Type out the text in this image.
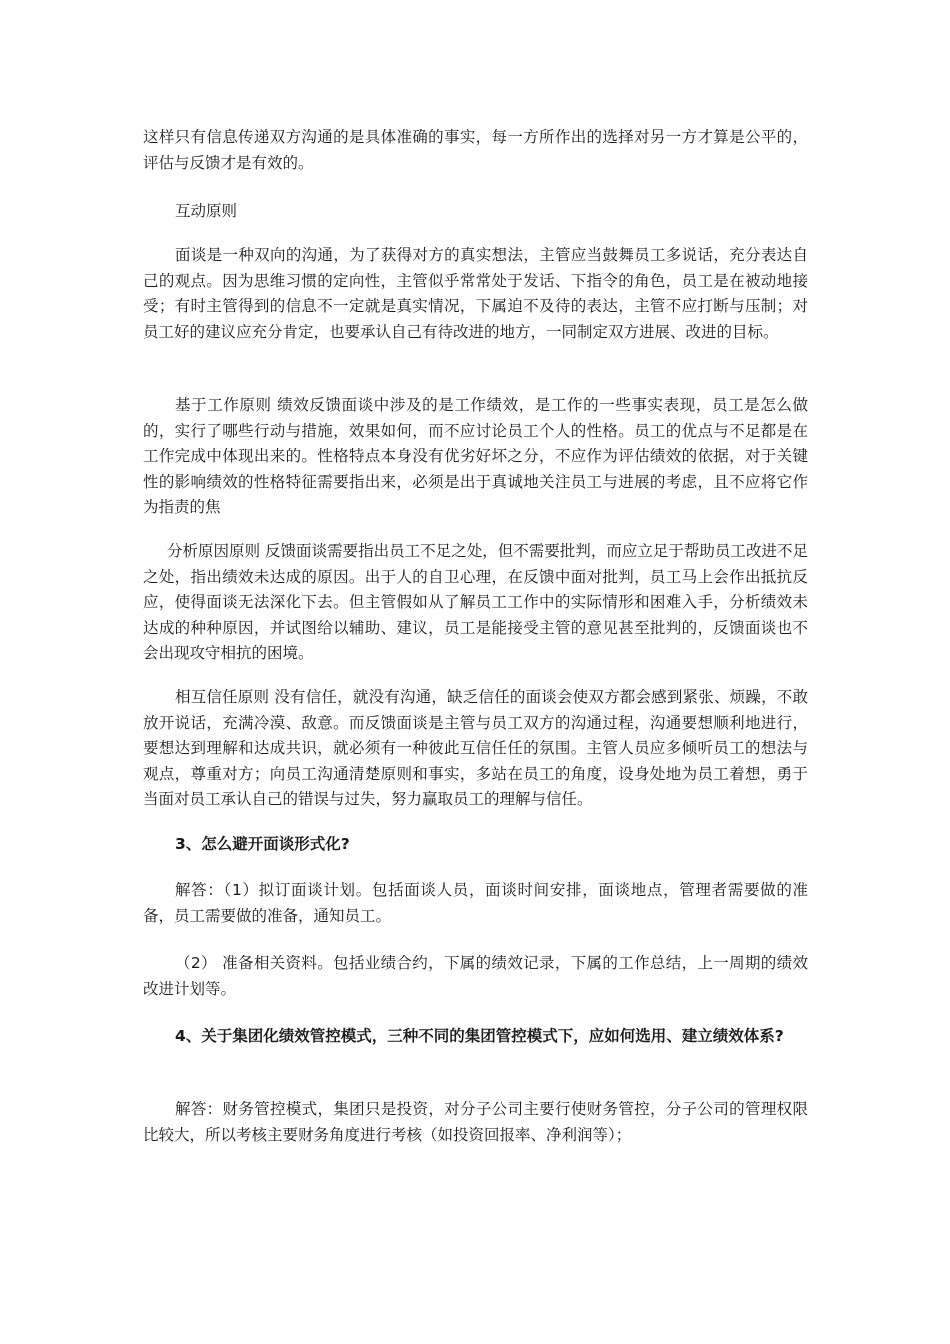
这样只有信息传递双方沟通的是具体准确的事实，每一方所作出的选择对另一方才算是公平的，评估与反馈才是有效的。

互动原则

面谈是一种双向的沟通，为了获得对方的真实想法，主管应当鼓舞员工多说话，充分表达自己的观点。因为思维习惯的定向性，主管似乎常常处于发话、下指令的角色，员工是在被动地接受；有时主管得到的信息不一定就是真实情况，下属迫不及待的表达，主管不应打断与压制；对员工好的建议应充分肯定，也要承认自己有待改进的地方，一同制定双方进展、改进的目标。

基于工作原则 绩效反馈面谈中涉及的是工作绩效，是工作的一些事实表现，员工是怎么做的，实行了哪些行动与措施，效果如何，而不应讨论员工个人的性格。员工的优点与不足都是在工作完成中体现出来的。性格特点本身没有优劣好坏之分，不应作为评估绩效的依据，对于关键性的影响绩效的性格特征需要指出来，必须是出于真诚地关注员工与进展的考虑，且不应将它作为指责的焦

分析原因原则 反馈面谈需要指出员工不足之处，但不需要批判，而应立足于帮助员工改进不足之处，指出绩效未达成的原因。出于人的自卫心理，在反馈中面对批判，员工马上会作出抵抗反应，使得面谈无法深化下去。但主管假如从了解员工工作中的实际情形和困难入手，分析绩效未达成的种种原因，并试图给以辅助、建议，员工是能接受主管的意见甚至批判的，反馈面谈也不会出现攻守相抗的困境。

相互信任原则 没有信任，就没有沟通，缺乏信任的面谈会使双方都会感到紧张、烦躁，不敢放开说话，充满冷漠、敌意。而反馈面谈是主管与员工双方的沟通过程，沟通要想顺利地进行，要想达到理解和达成共识，就必须有一种彼此互信任任的氛围。主管人员应多倾听员工的想法与观点，尊重对方；向员工沟通清楚原则和事实，多站在员工的角度，设身处地为员工着想，勇于当面对员工承认自己的错误与过失，努力赢取员工的理解与信任。

3、怎么避开面谈形式化?

解答：（1）拟订面谈计划。包括面谈人员，面谈时间安排，面谈地点，管理者需要做的准备，员工需要做的准备，通知员工。

（2） 准备相关资料。包括业绩合约，下属的绩效记录，下属的工作总结，上一周期的绩效改进计划等。

4、关于集团化绩效管控模式，三种不同的集团管控模式下，应如何选用、建立绩效体系?

解答：财务管控模式，集团只是投资，对分子公司主要行使财务管控，分子公司的管理权限比较大，所以考核主要财务角度进行考核（如投资回报率、净利润等）；
